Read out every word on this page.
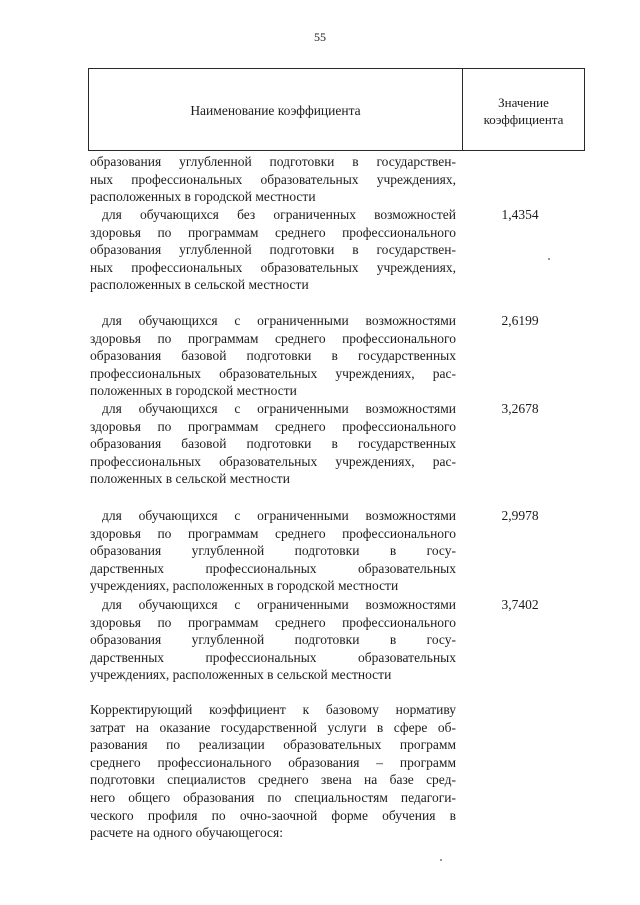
55
Наименование коэффициента
Значение
коэффициента
образования углубленной подготовки в государствен-
ных профессиональных образовательных учреждениях,
расположенных в городской местности
для обучающихся без ограниченных возможностей
здоровья по программам среднего профессионального
образования углубленной подготовки в государствен-
ных профессиональных образовательных учреждениях,
расположенных в сельской местности
1,4354
для обучающихся с ограниченными возможностями
здоровья по программам среднего профессионального
образования базовой подготовки в государственных
профессиональных образовательных учреждениях, рас-
положенных в городской местности
2,6199
для обучающихся с ограниченными возможностями
здоровья по программам среднего профессионального
образования базовой подготовки в государственных
профессиональных образовательных учреждениях, рас-
положенных в сельской местности
3,2678
для обучающихся с ограниченными возможностями
здоровья по программам среднего профессионального
образования углубленной подготовки в госу-
дарственных профессиональных образовательных
учреждениях, расположенных в городской местности
2,9978
для обучающихся с ограниченными возможностями
здоровья по программам среднего профессионального
образования углубленной подготовки в госу-
дарственных профессиональных образовательных
учреждениях, расположенных в сельской местности
3,7402
Корректирующий коэффициент к базовому нормативу
затрат на оказание государственной услуги в сфере об-
разования по реализации образовательных программ
среднего профессионального образования – программ
подготовки специалистов среднего звена на базе сред-
него общего образования по специальностям педагоги-
ческого профиля по очно-заочной форме обучения в
расчете на одного обучающегося:
